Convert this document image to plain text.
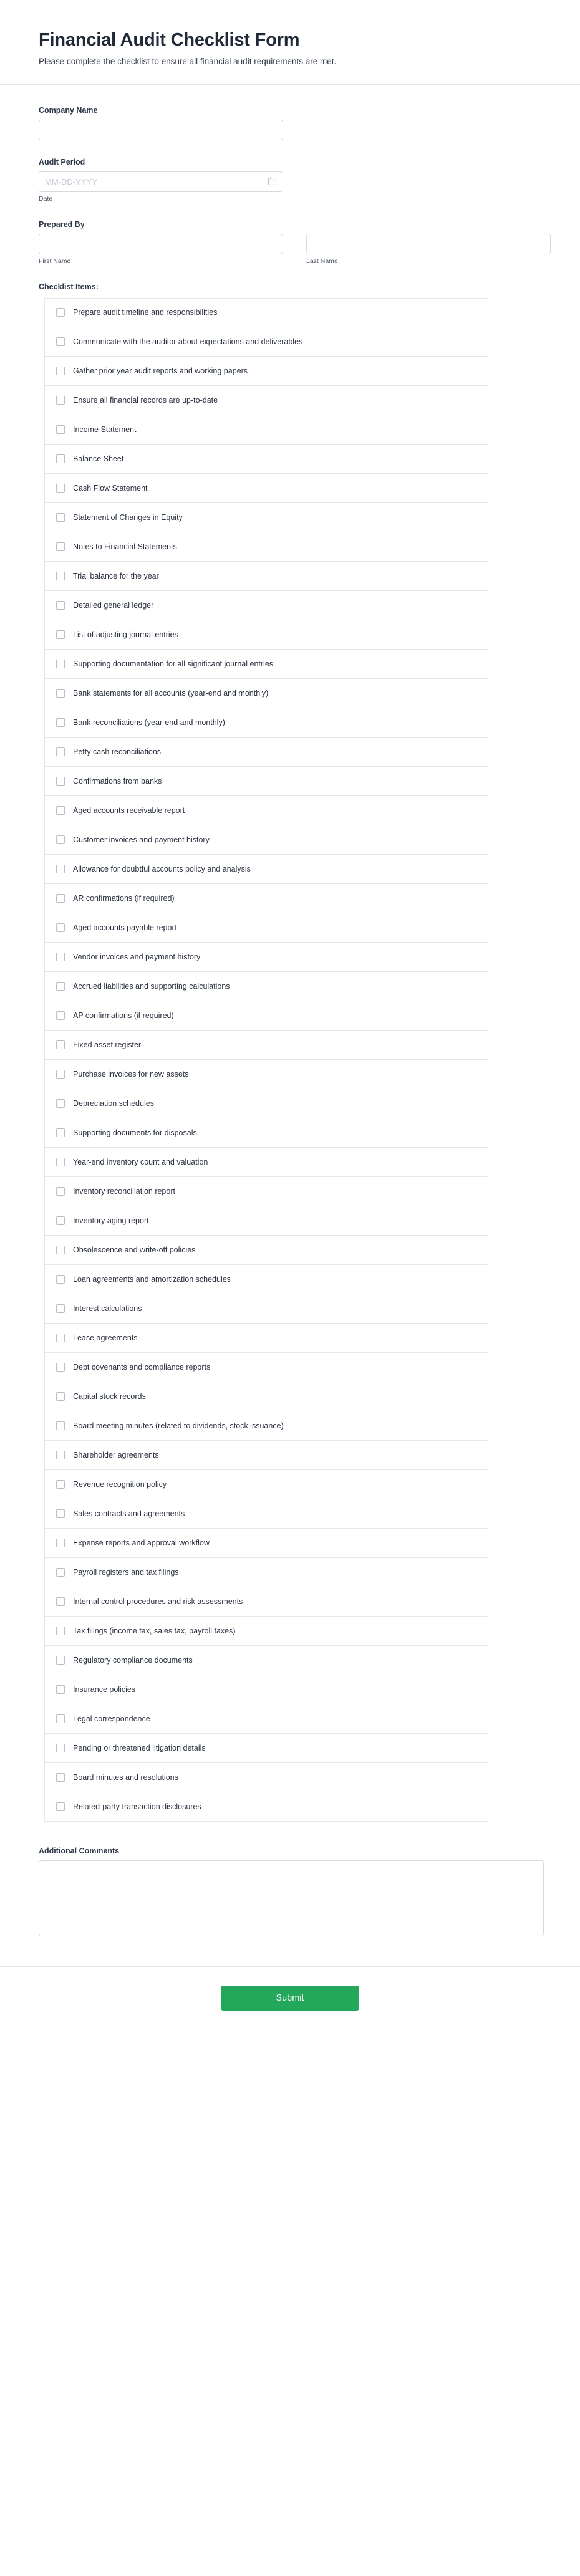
Financial Audit Checklist Form

Please complete the checklist to ensure all financial audit requirements are met.

Company Name
Audit Period
MM-DD-YYYY
Date
Prepared By
First Name	Last Name
Checklist Items:
Prepare audit timeline and responsibilities
Communicate with the auditor about expectations and deliverables
Gather prior year audit reports and working papers
Ensure all financial records are up-to-date
Income Statement
Balance Sheet
Cash Flow Statement
Statement of Changes in Equity
Notes to Financial Statements
Trial balance for the year
Detailed general ledger
List of adjusting journal entries
Supporting documentation for all significant journal entries
Bank statements for all accounts (year-end and monthly)
Bank reconciliations (year-end and monthly)
Petty cash reconciliations
Confirmations from banks
Aged accounts receivable report
Customer invoices and payment history
Allowance for doubtful accounts policy and analysis
AR confirmations (if required)
Aged accounts payable report
Vendor invoices and payment history
Accrued liabilities and supporting calculations
AP confirmations (if required)
Fixed asset register
Purchase invoices for new assets
Depreciation schedules
Supporting documents for disposals
Year-end inventory count and valuation
Inventory reconciliation report
Inventory aging report
Obsolescence and write-off policies
Loan agreements and amortization schedules
Interest calculations
Lease agreements
Debt covenants and compliance reports
Capital stock records
Board meeting minutes (related to dividends, stock issuance)
Shareholder agreements
Revenue recognition policy
Sales contracts and agreements
Expense reports and approval workflow
Payroll registers and tax filings
Internal control procedures and risk assessments
Tax filings (income tax, sales tax, payroll taxes)
Regulatory compliance documents
Insurance policies
Legal correspondence
Pending or threatened litigation details
Board minutes and resolutions
Related-party transaction disclosures
Additional Comments
Submit
